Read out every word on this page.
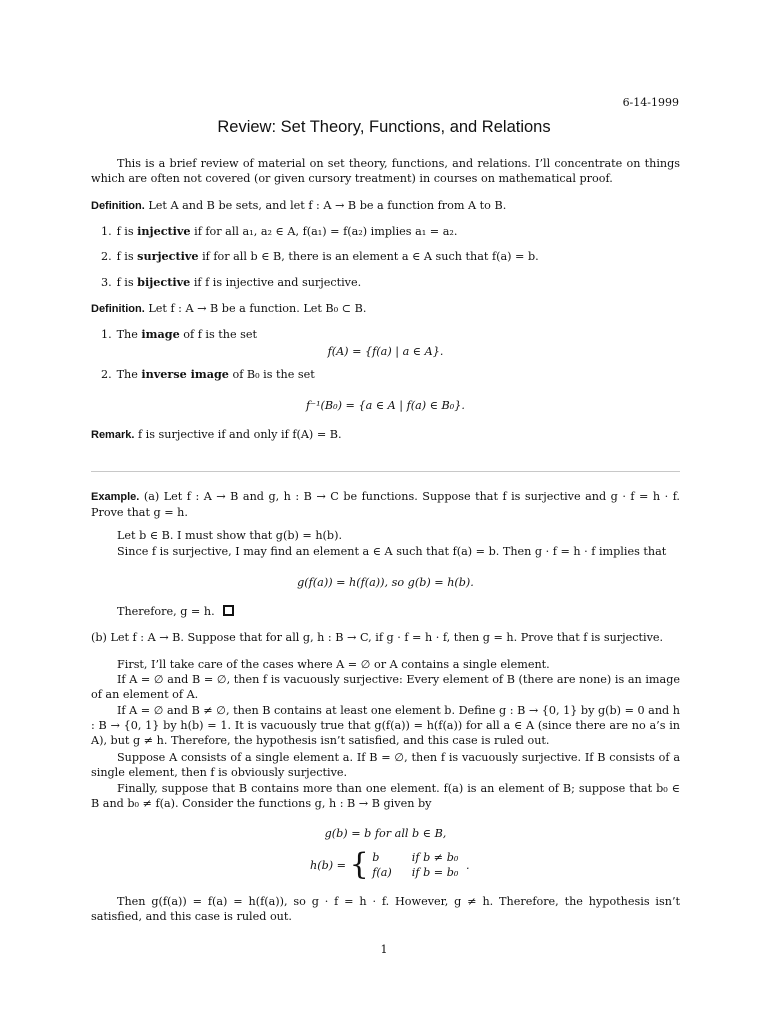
6-14-1999
Review: Set Theory, Functions, and Relations
This is a brief review of material on set theory, functions, and relations. I’ll concentrate on things which are often not covered (or given cursory treatment) in courses on mathematical proof.
Definition. Let A and B be sets, and let f : A → B be a function from A to B.
1. f is injective if for all a₁, a₂ ∈ A, f(a₁) = f(a₂) implies a₁ = a₂.
2. f is surjective if for all b ∈ B, there is an element a ∈ A such that f(a) = b.
3. f is bijective if f is injective and surjective.
Definition. Let f : A → B be a function. Let B₀ ⊂ B.
1. The image of f is the set
f(A) = {f(a) | a ∈ A}.
2. The inverse image of B₀ is the set
f⁻¹(B₀) = {a ∈ A | f(a) ∈ B₀}.
Remark. f is surjective if and only if f(A) = B.
Example. (a) Let f : A → B and g, h : B → C be functions. Suppose that f is surjective and g · f = h · f. Prove that g = h.
Let b ∈ B. I must show that g(b) = h(b).
Since f is surjective, I may find an element a ∈ A such that f(a) = b. Then g · f = h · f implies that
g(f(a)) = h(f(a)), so g(b) = h(b).
Therefore, g = h.
(b) Let f : A → B. Suppose that for all g, h : B → C, if g · f = h · f, then g = h. Prove that f is surjective.
First, I’ll take care of the cases where A = ∅ or A contains a single element.
If A = ∅ and B = ∅, then f is vacuously surjective: Every element of B (there are none) is an image of an element of A.
If A = ∅ and B ≠ ∅, then B contains at least one element b. Define g : B → {0, 1} by g(b) = 0 and h : B → {0, 1} by h(b) = 1. It is vacuously true that g(f(a)) = h(f(a)) for all a ∈ A (since there are no a’s in A), but g ≠ h. Therefore, the hypothesis isn’t satisfied, and this case is ruled out.
Suppose A consists of a single element a. If B = ∅, then f is vacuously surjective. If B consists of a single element, then f is obviously surjective.
Finally, suppose that B contains more than one element. f(a) is an element of B; suppose that b₀ ∈ B and b₀ ≠ f(a). Consider the functions g, h : B → B given by
g(b) = b for all b ∈ B,
h(b) = { b	if b ≠ b₀
f(a)	if b = b₀ .
Then g(f(a)) = f(a) = h(f(a)), so g · f = h · f. However, g ≠ h. Therefore, the hypothesis isn’t satisfied, and this case is ruled out.
1
